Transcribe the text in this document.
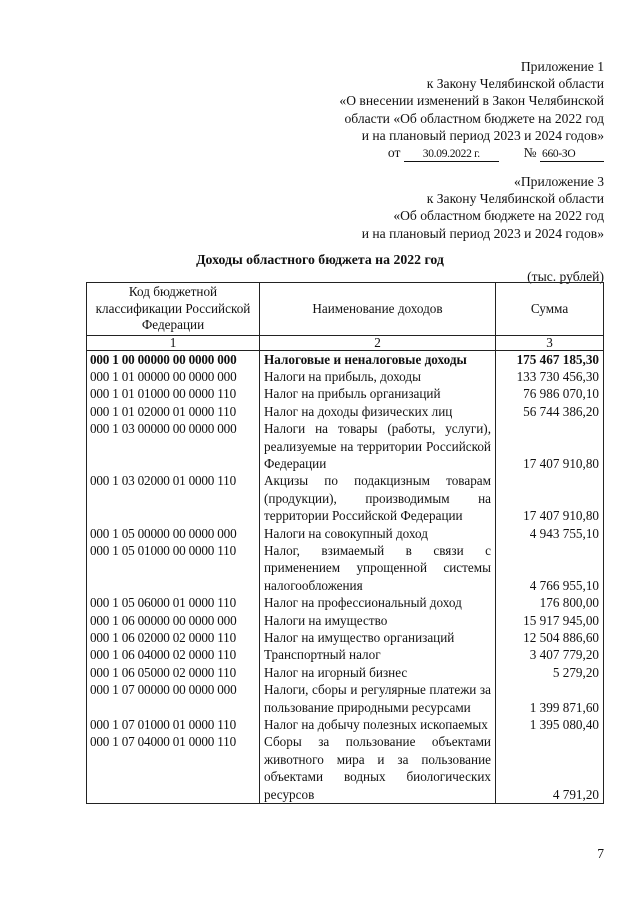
Приложение 1
к Закону Челябинской области
«О внесении изменений в Закон Челябинской
области «Об областном бюджете на 2022 год
и на плановый период 2023 и 2024 годов»
от 30.09.2022 г.	№ 660-ЗО
«Приложение 3
к Закону Челябинской области
«Об областном бюджете на 2022 год
и на плановый период 2023 и 2024 годов»
Доходы областного бюджета на 2022 год
(тыс. рублей)
Код бюджетной классификации Российской Федерации	Наименование доходов	Сумма
1	2	3
000 1 00 00000 00 0000 000	Налоговые и неналоговые доходы	175 467 185,30
000 1 01 00000 00 0000 000	Налоги на прибыль, доходы	133 730 456,30
000 1 01 01000 00 0000 110	Налог на прибыль организаций	76 986 070,10
000 1 01 02000 01 0000 110	Налог на доходы физических лиц	56 744 386,20
000 1 03 00000 00 0000 000	Налоги на товары (работы, услуги), реализуемые на территории Российской Федерации	17 407 910,80
000 1 03 02000 01 0000 110	Акцизы по подакцизным товарам (продукции), производимым на территории Российской Федерации	17 407 910,80
000 1 05 00000 00 0000 000	Налоги на совокупный доход	4 943 755,10
000 1 05 01000 00 0000 110	Налог, взимаемый в связи с применением упрощенной системы налогообложения	4 766 955,10
000 1 05 06000 01 0000 110	Налог на профессиональный доход	176 800,00
000 1 06 00000 00 0000 000	Налоги на имущество	15 917 945,00
000 1 06 02000 02 0000 110	Налог на имущество организаций	12 504 886,60
000 1 06 04000 02 0000 110	Транспортный налог	3 407 779,20
000 1 06 05000 02 0000 110	Налог на игорный бизнес	5 279,20
000 1 07 00000 00 0000 000	Налоги, сборы и регулярные платежи за пользование природными ресурсами	1 399 871,60
000 1 07 01000 01 0000 110	Налог на добычу полезных ископаемых	1 395 080,40
000 1 07 04000 01 0000 110	Сборы за пользование объектами животного мира и за пользование объектами водных биологических ресурсов	4 791,20
7
